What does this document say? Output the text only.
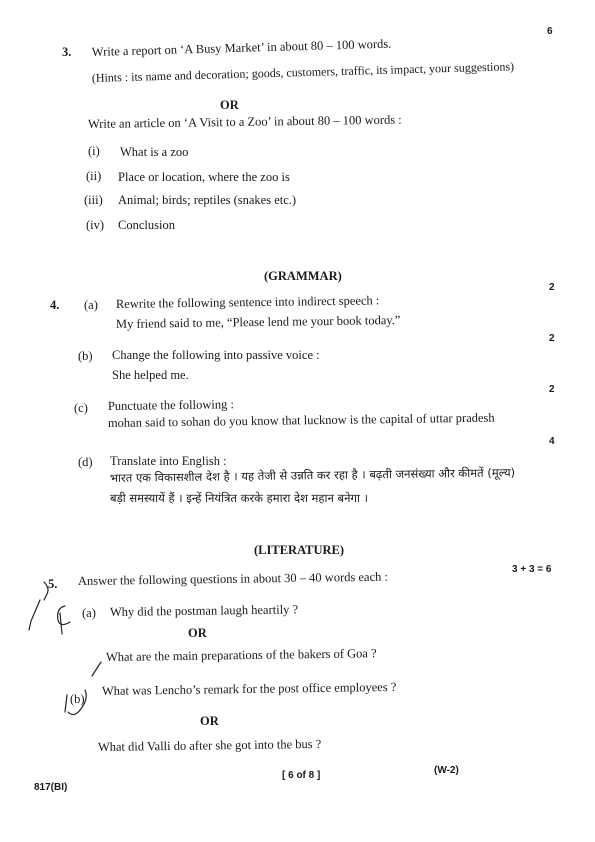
6
3. Write a report on ‘A Busy Market’ in about 80 – 100 words.
(Hints : its name and decoration; goods, customers, traffic, its impact, your suggestions)
OR
Write an article on ‘A Visit to a Zoo’ in about 80 – 100 words :
(i) What is a zoo
(ii) Place or location, where the zoo is
(iii) Animal; birds; reptiles (snakes etc.)
(iv) Conclusion
(GRAMMAR)
2
4. (a) Rewrite the following sentence into indirect speech :
My friend said to me, “Please lend me your book today.”
2
(b) Change the following into passive voice :
She helped me.
2
(c) Punctuate the following :
mohan said to sohan do you know that lucknow is the capital of uttar pradesh
4
(d) Translate into English :
भारत एक विकासशील देश है । यह तेजी से उन्नति कर रहा है । बढ़ती जनसंख्या और कीमतें (मूल्य)
बड़ी समस्यायें हैं । इन्हें नियंत्रित करके हमारा देश महान बनेगा ।
(LITERATURE)
3 + 3 = 6
5. Answer the following questions in about 30 – 40 words each :
(a) Why did the postman laugh heartily ?
OR
What are the main preparations of the bakers of Goa ?
(b)
What was Lencho’s remark for the post office employees ?
OR
What did Valli do after she got into the bus ?
[ 6 of 8 ]	(W-2)
817(BI)
